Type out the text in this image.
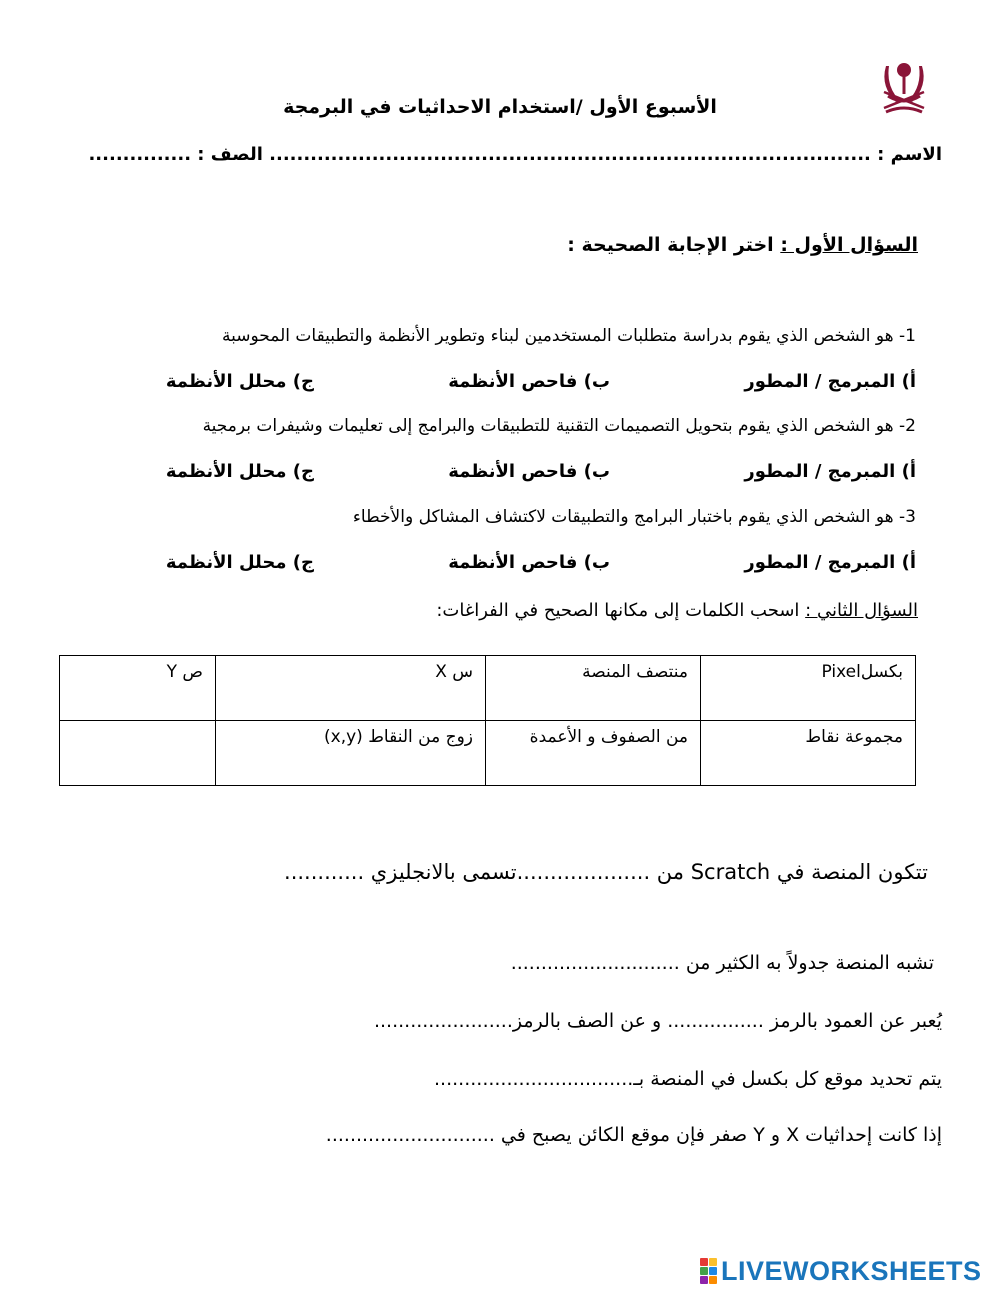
الأسبوع الأول /استخدام الاحداثيات في البرمجة
الاسم : ........................................................................................ الصف : ...............
السؤال الأول : اختر الإجابة الصحيحة :
1- هو الشخص الذي يقوم بدراسة متطلبات المستخدمين لبناء وتطوير الأنظمة والتطبيقات المحوسبة
أ) المبرمج / المطور
ب) فاحص الأنظمة
ج) محلل الأنظمة
2- هو الشخص الذي يقوم بتحويل التصميمات التقنية للتطبيقات والبرامج إلى تعليمات وشيفرات برمجية
أ) المبرمج / المطور
ب) فاحص الأنظمة
ج) محلل الأنظمة
3- هو الشخص الذي يقوم باختبار البرامج والتطبيقات لاكتشاف المشاكل والأخطاء
أ) المبرمج / المطور
ب) فاحص الأنظمة
ج) محلل الأنظمة
السؤال الثاني : اسحب الكلمات إلى مكانها الصحيح في الفراغات:
بكسلPixel	منتصف المنصة	س X	ص Y
مجموعة نقاط	من الصفوف و الأعمدة	زوج من النقاط (x,y)	
تتكون المنصة في Scratch من ....................تسمى بالانجليزي ............
تشبه المنصة جدولاً به الكثير من ............................
يُعبر عن العمود بالرمز ................ و عن الصف بالرمز.......................
يتم تحديد موقع كل بكسل في المنصة بـ.................................
إذا كانت إحداثيات X و Y صفر فإن موقع الكائن يصبح في ............................
LIVEWORKSHEETS
